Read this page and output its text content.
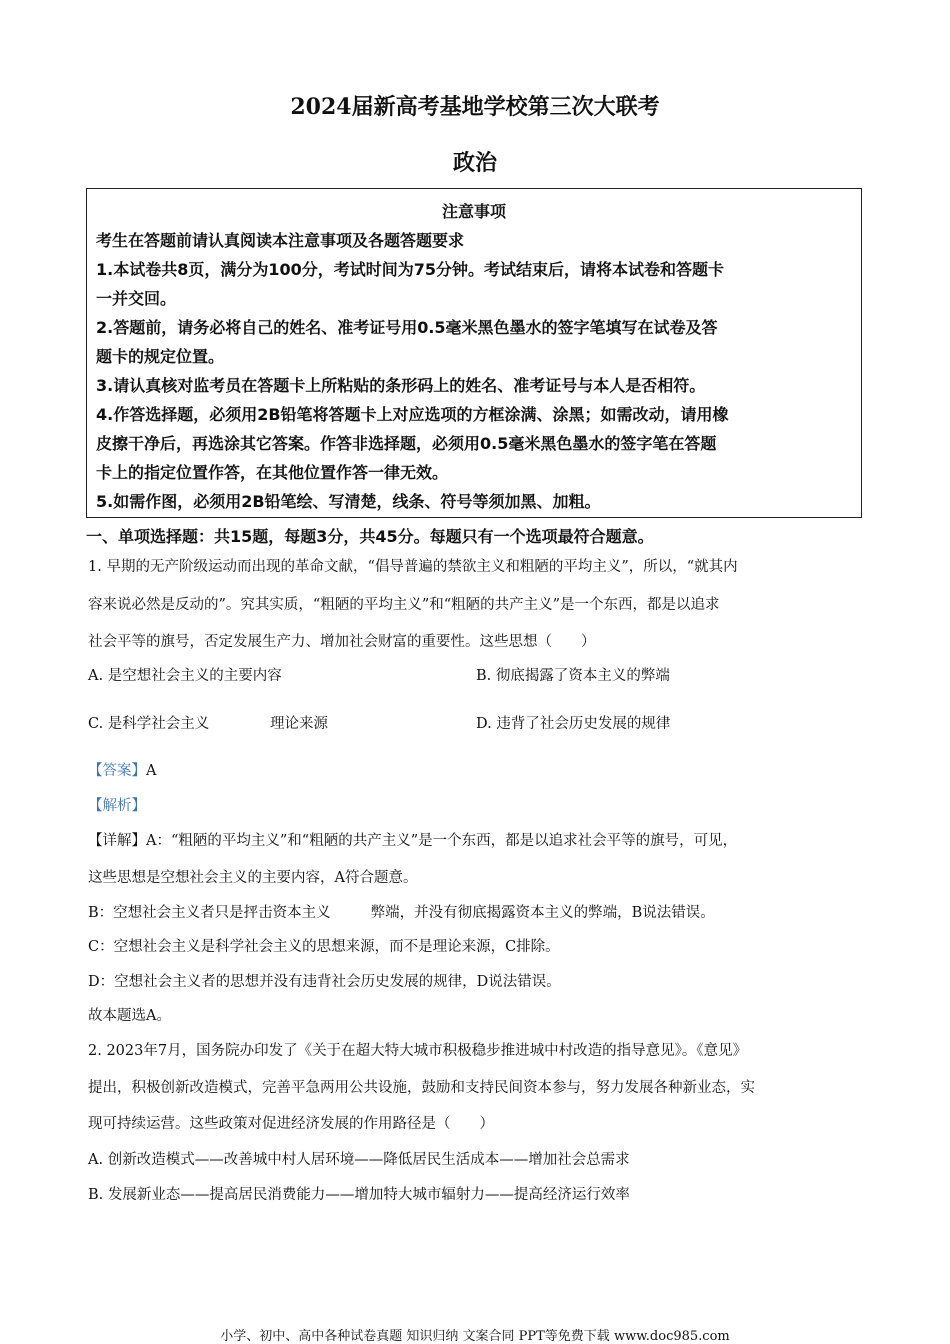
2024届新高考基地学校第三次大联考
政治
注意事项
考生在答题前请认真阅读本注意事项及各题答题要求
1.本试卷共8页，满分为100分，考试时间为75分钟。考试结束后，请将本试卷和答题卡
一并交回。
2.答题前，请务必将自己的姓名、准考证号用0.5毫米黑色墨水的签字笔填写在试卷及答
题卡的规定位置。
3.请认真核对监考员在答题卡上所粘贴的条形码上的姓名、准考证号与本人是否相符。
4.作答选择题，必须用2B铅笔将答题卡上对应选项的方框涂满、涂黑；如需改动，请用橡
皮擦干净后，再选涂其它答案。作答非选择题，必须用0.5毫米黑色墨水的签字笔在答题
卡上的指定位置作答，在其他位置作答一律无效。
5.如需作图，必须用2B铅笔绘、写清楚，线条、符号等须加黑、加粗。
一、单项选择题：共15题，每题3分，共45分。每题只有一个选项最符合题意。
1. 早期的无产阶级运动而出现的革命文献，“倡导普遍的禁欲主义和粗陋的平均主义”，所以，“就其内
容来说必然是反动的”。究其实质，“粗陋的平均主义”和“粗陋的共产主义”是一个东西，都是以追求
社会平等的旗号，否定发展生产力、增加社会财富的重要性。这些思想（　　）
A. 是空想社会主义的主要内容	B. 彻底揭露了资本主义的弊端
C. 是科学社会主义	理论来源	D. 违背了社会历史发展的规律
【答案】A
【解析】
【详解】A：“粗陋的平均主义”和“粗陋的共产主义”是一个东西，都是以追求社会平等的旗号，可见，
这些思想是空想社会主义的主要内容，A符合题意。
B：空想社会主义者只是抨击资本主义	弊端，并没有彻底揭露资本主义的弊端，B说法错误。
C：空想社会主义是科学社会主义的思想来源，而不是理论来源，C排除。
D：空想社会主义者的思想并没有违背社会历史发展的规律，D说法错误。
故本题选A。
2. 2023年7月，国务院办印发了《关于在超大特大城市积极稳步推进城中村改造的指导意见》。《意见》
提出，积极创新改造模式，完善平急两用公共设施，鼓励和支持民间资本参与，努力发展各种新业态，实
现可持续运营。这些政策对促进经济发展的作用路径是（　　）
A. 创新改造模式——改善城中村人居环境——降低居民生活成本——增加社会总需求
B. 发展新业态——提高居民消费能力——增加特大城市辐射力——提高经济运行效率
小学、初中、高中各种试卷真题 知识归纳 文案合同 PPT等免费下载 www.doc985.com
